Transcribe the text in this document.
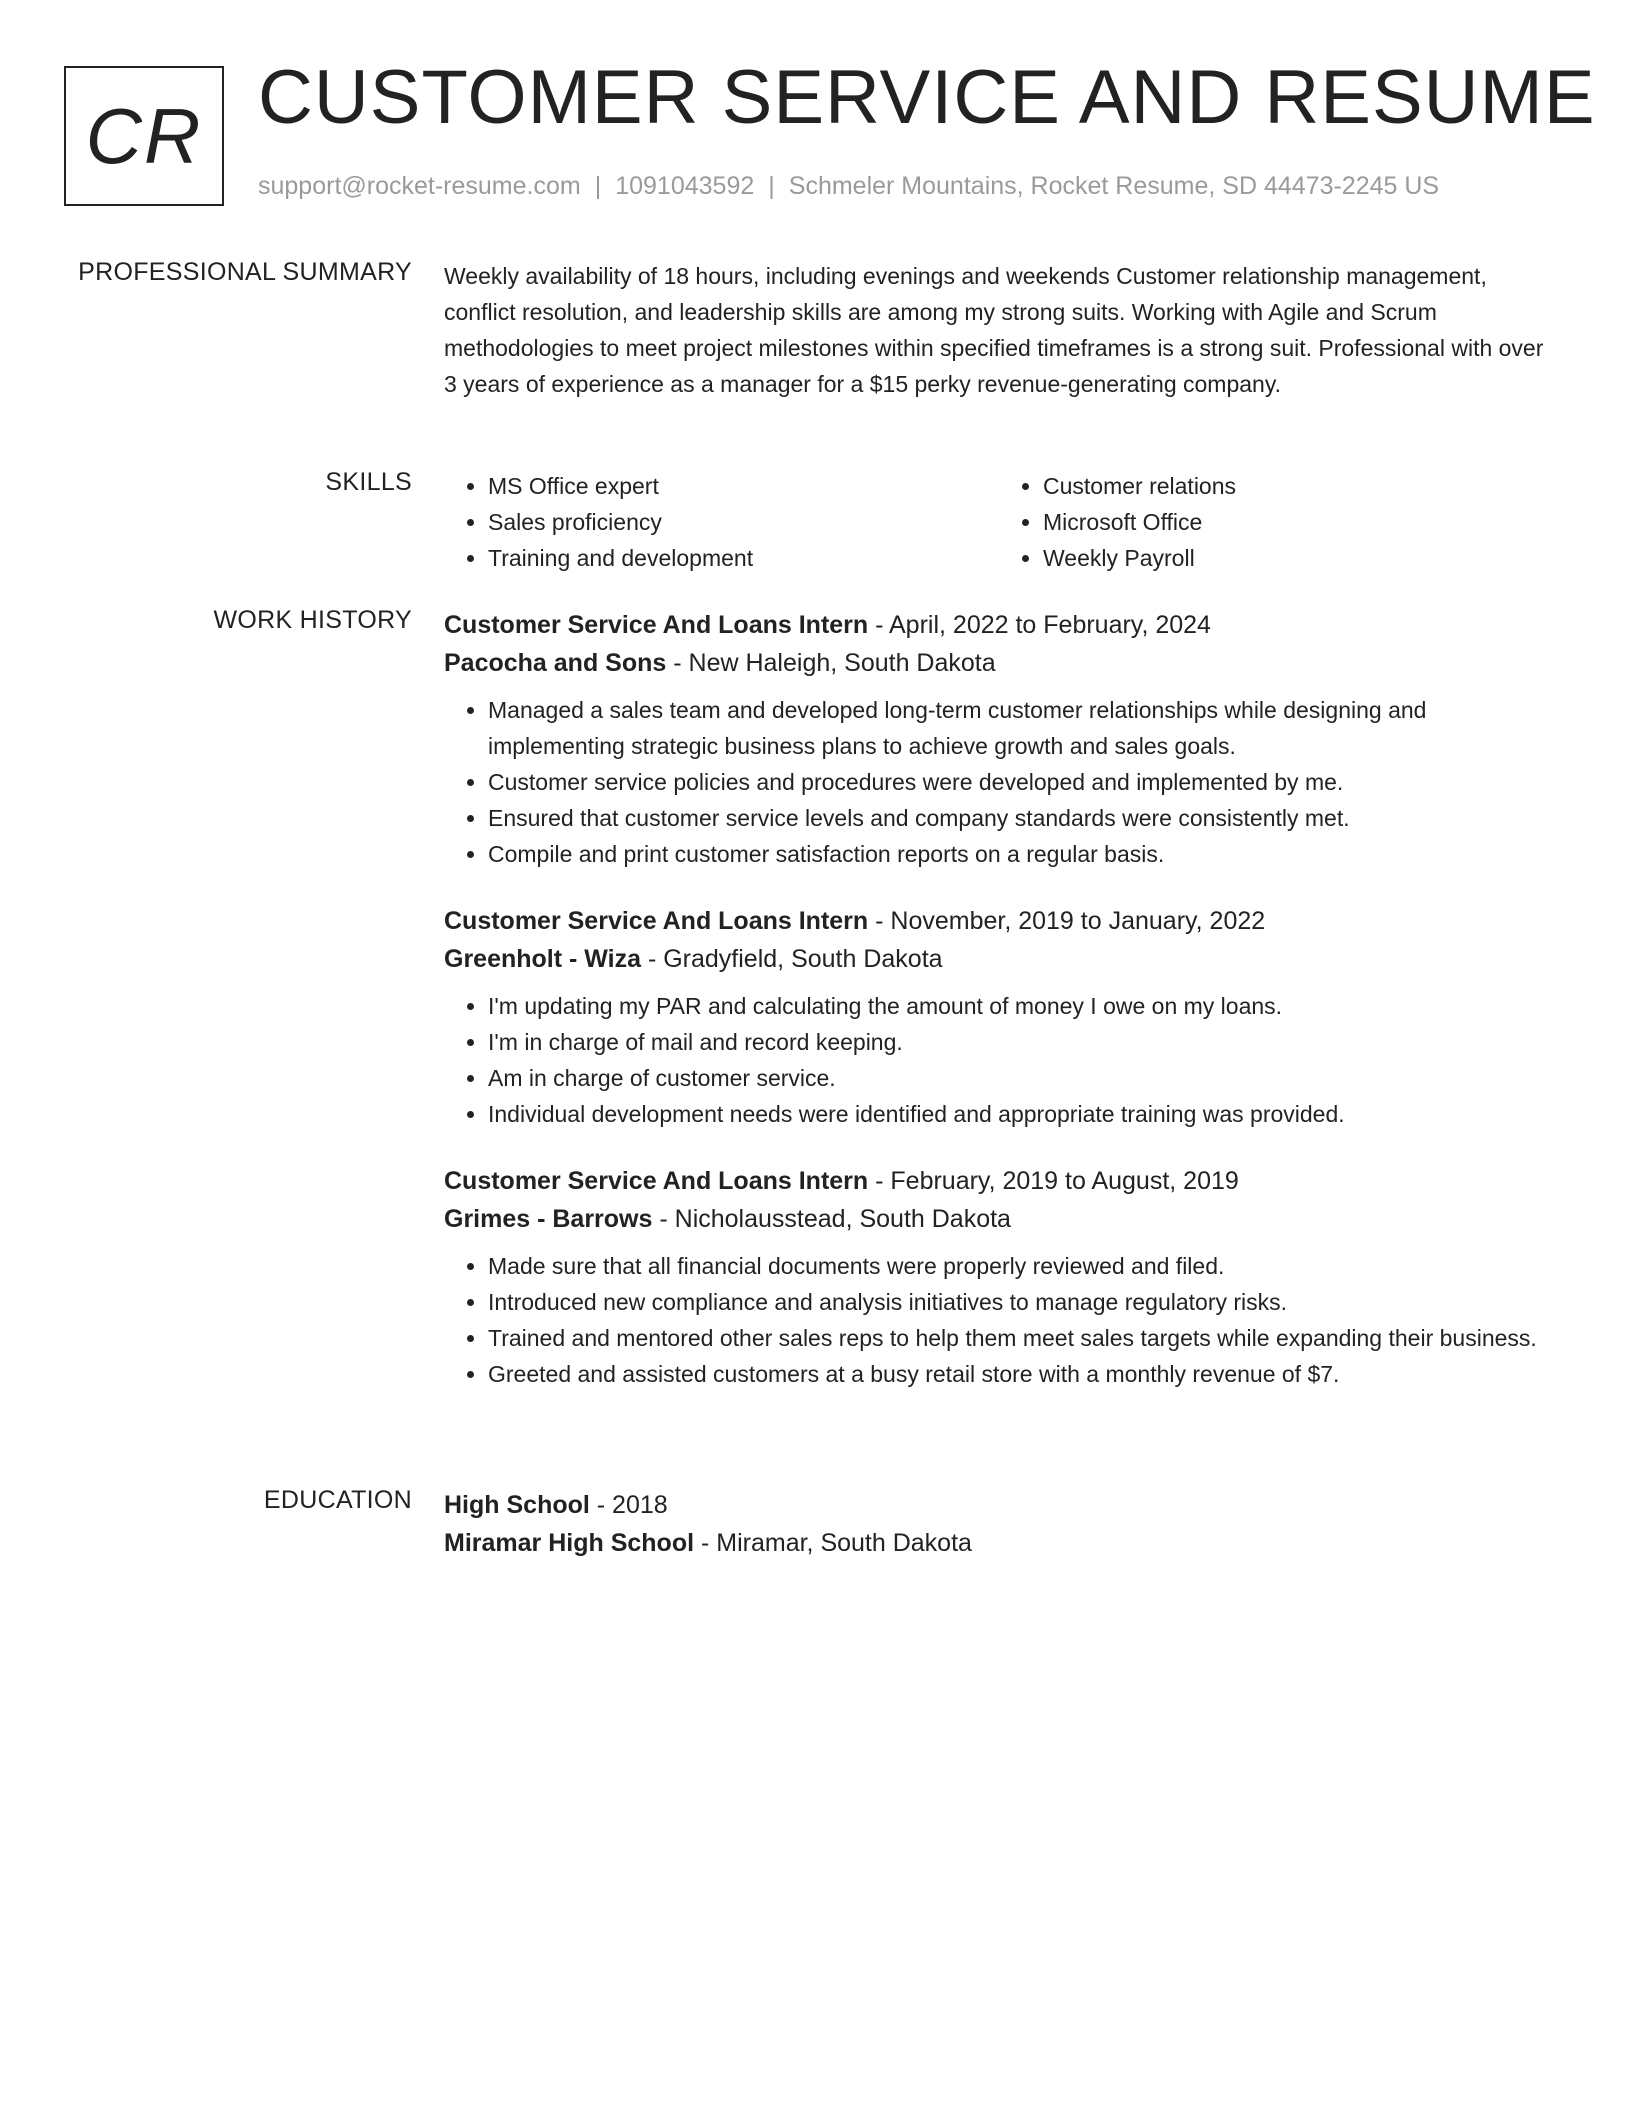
CR CUSTOMER SERVICE AND RESUME
support@rocket-resume.com | 1091043592 | Schmeler Mountains, Rocket Resume, SD 44473-2245 US
PROFESSIONAL SUMMARY Weekly availability of 18 hours, including evenings and weekends Customer relationship management, conflict resolution, and leadership skills are among my strong suits. Working with Agile and Scrum methodologies to meet project milestones within specified timeframes is a strong suit. Professional with over 3 years of experience as a manager for a $15 perky revenue-generating company.

SKILLS
•	MS Office expert
• Sales proficiency
• Training and development
• Customer relations
• Microsoft Office
• Weekly Payroll
WORK HISTORY Customer Service And Loans Intern - April, 2022 to February, 2024
Pacocha and Sons - New Haleigh, South Dakota
• Managed a sales team and developed long-term customer relationships while designing and implementing strategic business plans to achieve growth and sales goals.
• Customer service policies and procedures were developed and implemented by me.
• Ensured that customer service levels and company standards were consistently met.
• Compile and print customer satisfaction reports on a regular basis.
Customer Service And Loans Intern - November, 2019 to January, 2022
Greenholt - Wiza - Gradyfield, South Dakota
• I'm updating my PAR and calculating the amount of money I owe on my loans.
• I'm in charge of mail and record keeping.
• Am in charge of customer service.
• Individual development needs were identified and appropriate training was provided.
Customer Service And Loans Intern - February, 2019 to August, 2019
Grimes - Barrows - Nicholausstead, South Dakota
• Made sure that all financial documents were properly reviewed and filed.
• Introduced new compliance and analysis initiatives to manage regulatory risks.
• Trained and mentored other sales reps to help them meet sales targets while expanding their business.
• Greeted and assisted customers at a busy retail store with a monthly revenue of $7.
EDUCATION High School - 2018
Miramar High School - Miramar, South Dakota
